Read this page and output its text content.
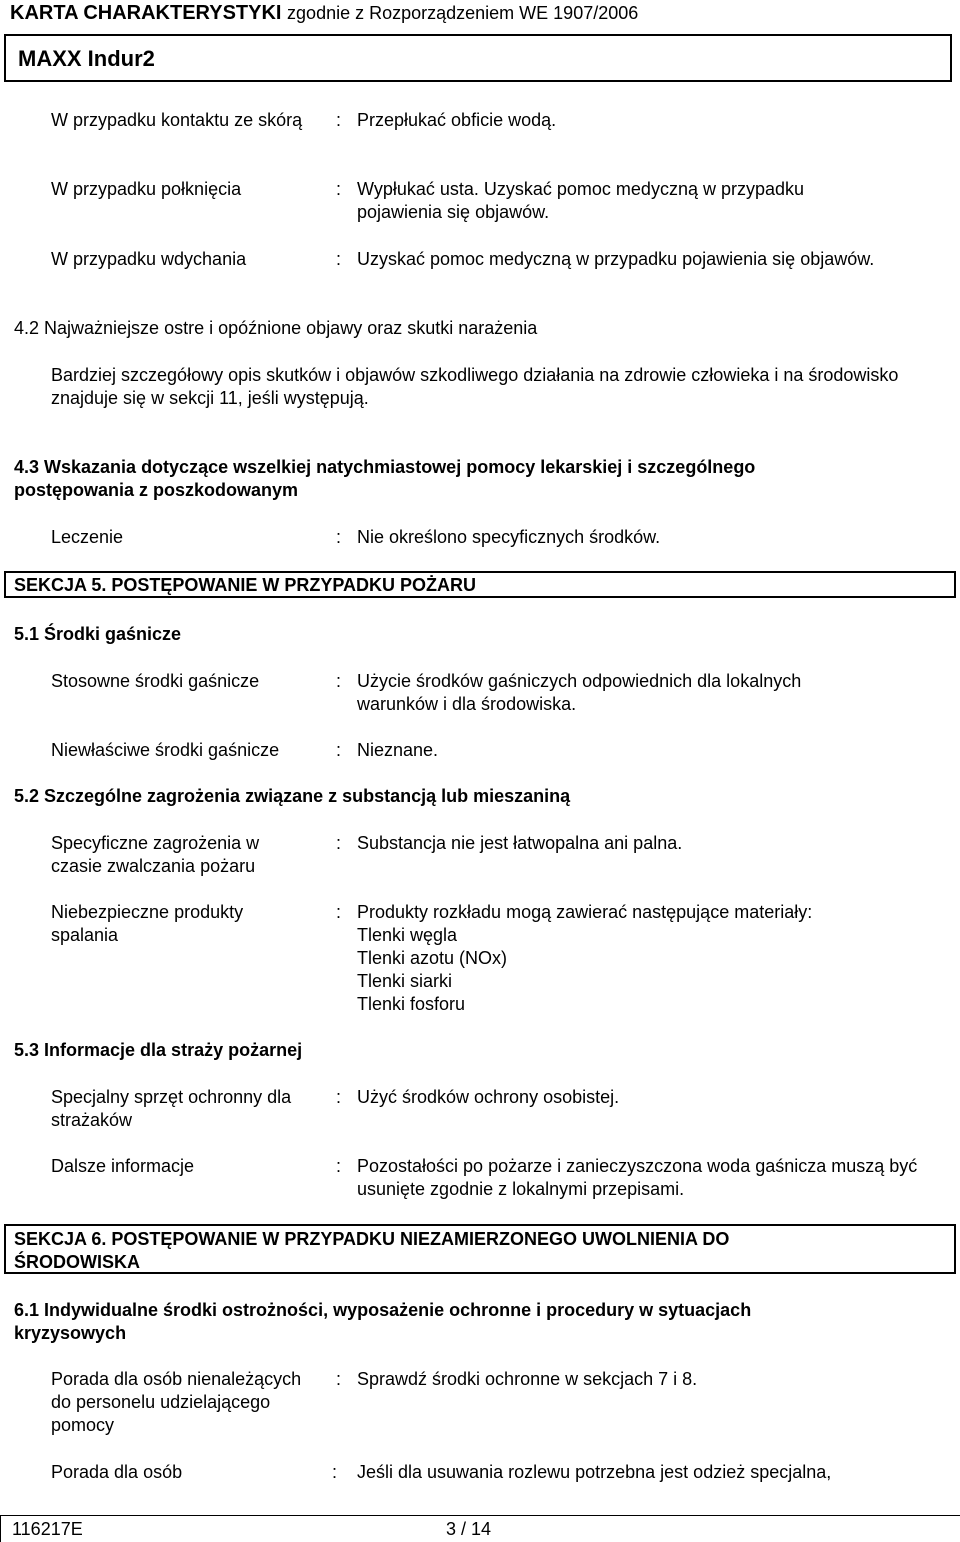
KARTA CHARAKTERYSTYKI zgodnie z Rozporządzeniem WE 1907/2006
MAXX Indur2
W przypadku kontaktu ze skórą	: Przepłukać obficie wodą.
W przypadku połknięcia	: Wypłukać usta. Uzyskać pomoc medyczną w przypadku pojawienia się objawów.
W przypadku wdychania	: Uzyskać pomoc medyczną w przypadku pojawienia się objawów.
4.2 Najważniejsze ostre i opóźnione objawy oraz skutki narażenia
Bardziej szczegółowy opis skutków i objawów szkodliwego działania na zdrowie człowieka i na środowisko znajduje się w sekcji 11, jeśli występują.
4.3 Wskazania dotyczące wszelkiej natychmiastowej pomocy lekarskiej i szczególnego postępowania z poszkodowanym
Leczenie	: Nie określono specyficznych środków.
SEKCJA 5. POSTĘPOWANIE W PRZYPADKU POŻARU
5.1 Środki gaśnicze
Stosowne środki gaśnicze	: Użycie środków gaśniczych odpowiednich dla lokalnych warunków i dla środowiska.
Niewłaściwe środki gaśnicze	: Nieznane.
5.2 Szczególne zagrożenia związane z substancją lub mieszaniną
Specyficzne zagrożenia w czasie zwalczania pożaru
: Substancja nie jest łatwopalna ani palna.
Niebezpieczne produkty spalania
: Produkty rozkładu mogą zawierać następujące materiały:
Tlenki węgla
Tlenki azotu (NOx)
Tlenki siarki
Tlenki fosforu
5.3 Informacje dla straży pożarnej
Specjalny sprzęt ochronny dla strażaków
: Użyć środków ochrony osobistej.
Dalsze informacje	: Pozostałości po pożarze i zanieczyszczona woda gaśnicza muszą być usunięte zgodnie z lokalnymi przepisami.
SEKCJA 6. POSTĘPOWANIE W PRZYPADKU NIEZAMIERZONEGO UWOLNIENIA DO ŚRODOWISKA
6.1 Indywidualne środki ostrożności, wyposażenie ochronne i procedury w sytuacjach kryzysowych
Porada dla osób nienależących do personelu udzielającego pomocy
: Sprawdź środki ochronne w sekcjach 7 i 8.
Porada dla osób	: Jeśli dla usuwania rozlewu potrzebna jest odzież specjalna,
116217E	3 / 14
